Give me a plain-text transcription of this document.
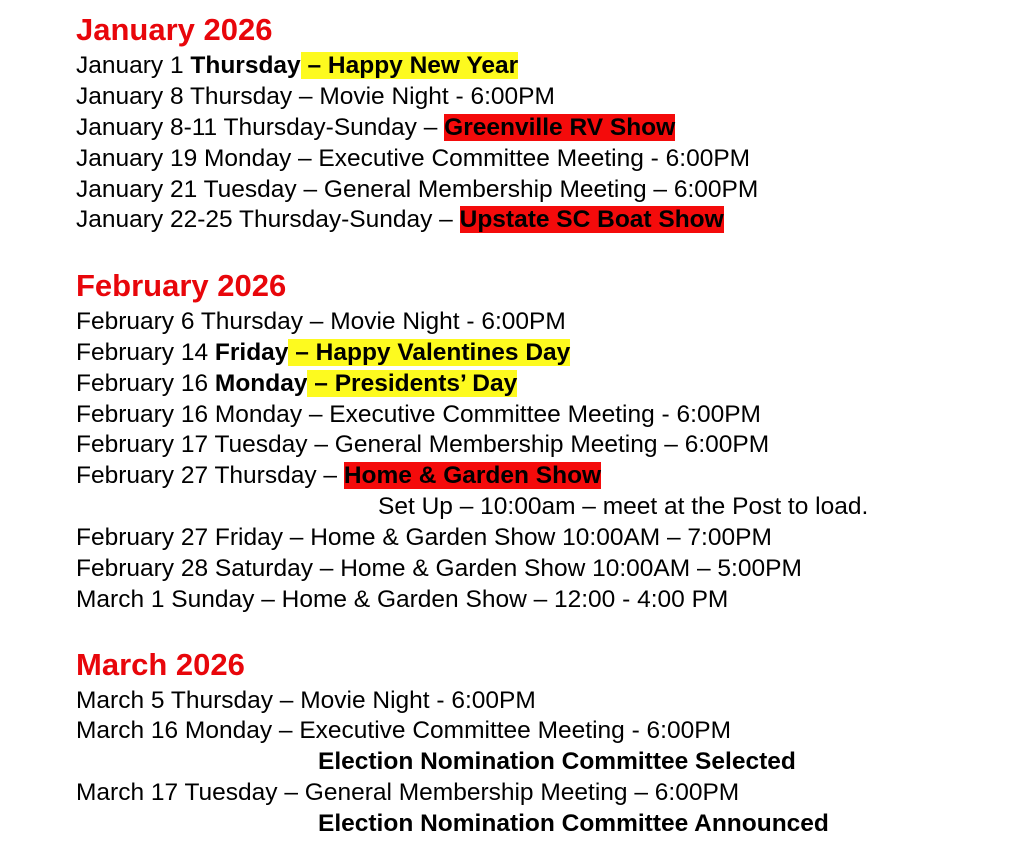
January 2026
January 1 Thursday – Happy New Year
January 8 Thursday – Movie Night - 6:00PM
January 8-11 Thursday-Sunday – Greenville RV Show
January 19 Monday – Executive Committee Meeting - 6:00PM
January 21 Tuesday – General Membership Meeting – 6:00PM
January 22-25 Thursday-Sunday – Upstate SC Boat Show
February 2026
February 6 Thursday – Movie Night - 6:00PM
February 14 Friday – Happy Valentines Day
February 16 Monday – Presidents’ Day
February 16 Monday – Executive Committee Meeting - 6:00PM
February 17 Tuesday – General Membership Meeting – 6:00PM
February 27 Thursday – Home & Garden Show
Set Up – 10:00am – meet at the Post to load.
February 27 Friday – Home & Garden Show 10:00AM – 7:00PM
February 28 Saturday – Home & Garden Show 10:00AM – 5:00PM
March 1 Sunday – Home & Garden Show – 12:00 - 4:00 PM
March 2026
March 5 Thursday – Movie Night - 6:00PM
March 16 Monday – Executive Committee Meeting - 6:00PM
Election Nomination Committee Selected
March 17 Tuesday – General Membership Meeting – 6:00PM
Election Nomination Committee Announced
